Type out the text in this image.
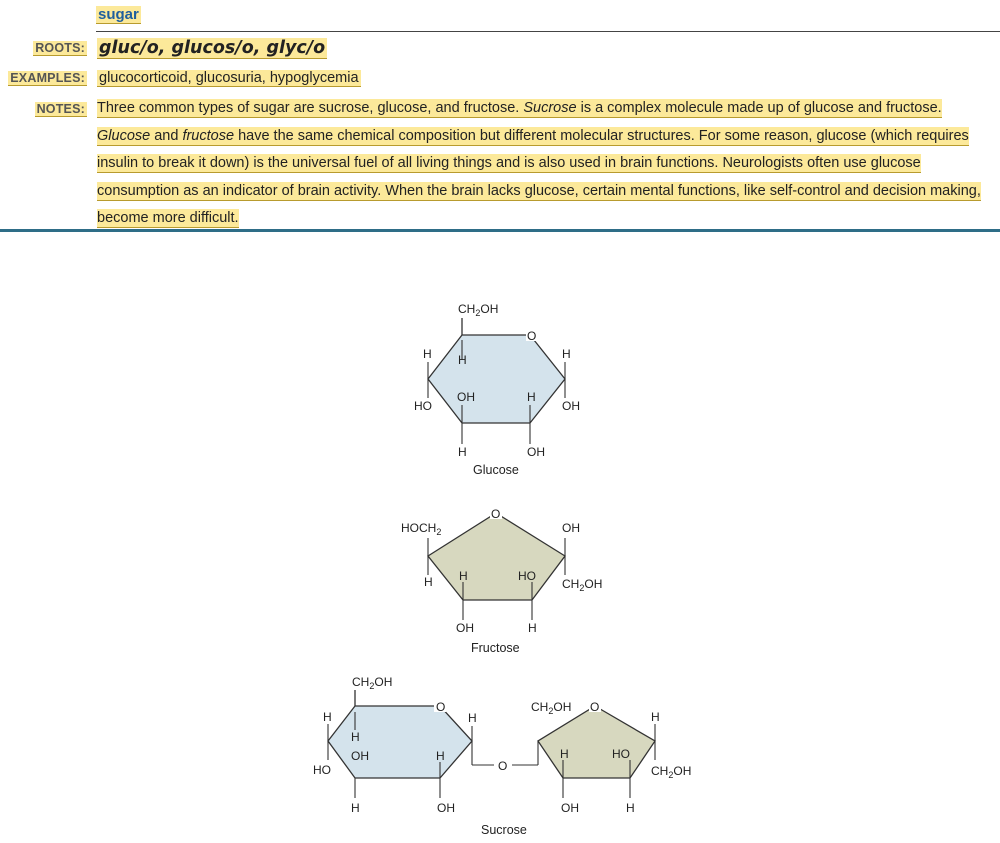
sugar
ROOTS: gluc/o, glucos/o, glyc/o
EXAMPLES: glucocorticoid, glucosuria, hypoglycemia
NOTES: Three common types of sugar are sucrose, glucose, and fructose. Sucrose is a complex molecule made up of glucose and fructose. Glucose and fructose have the same chemical composition but different molecular structures. For some reason, glucose (which requires insulin to break it down) is the universal fuel of all living things and is also used in brain functions. Neurologists often use glucose consumption as an indicator of brain activity. When the brain lacks glucose, certain mental functions, like self-control and decision making, become more difficult.
O
$CH_2OH$
H
H
HO
OH	H
H
OH
H	OH
Glucose
O
$HOCH_2$
H H	HO
OH
$CH_2OH$
OH	H
Fructose
O	O
O
$CH_2OH$
H
H
HO
OH	H
H
H	OH
$CH_2OH$
H	HO
H
$CH_2OH$
OH	H
Sucrose
